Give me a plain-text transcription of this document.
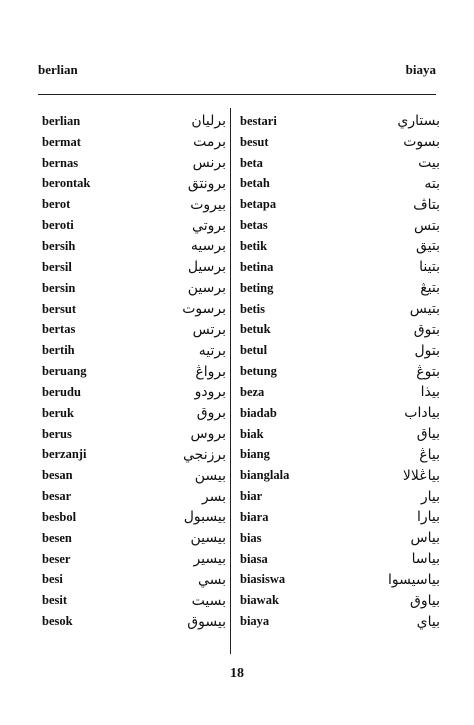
berlian	biaya
berlian	برليان
bermat	برمت
bernas	برنس
berontak	برونتق
berot	بيروت
beroti	بروتي
bersih	برسيه
bersil	برسيل
bersin	برسين
bersut	برسوت
bertas	برتس
bertih	برتيه
beruang	برواڠ
berudu	برودو
beruk	بروق
berus	بروس
berzanji	برزنجي
besan	بيسن
besar	بسر
besbol	بيسبول
besen	بيسين
beser	بيسير
besi	بسي
besit	بسيت
besok	بيسوق
bestari	بستاري
besut	بسوت
beta	بيت
betah	بته
betapa	بتاڤ
betas	بتس
betik	بتيق
betina	بتينا
beting	بتيڠ
betis	بتيس
betuk	بتوق
betul	بتول
betung	بتوڠ
beza	بيذا
biadab	بياداب
biak	بياق
biang	بياڠ
bianglala	بياڠلالا
biar	بيار
biara	بيارا
bias	بياس
biasa	بياسا
biasiswa	بياسيسوا
biawak	بياوق
biaya	بياي
18
